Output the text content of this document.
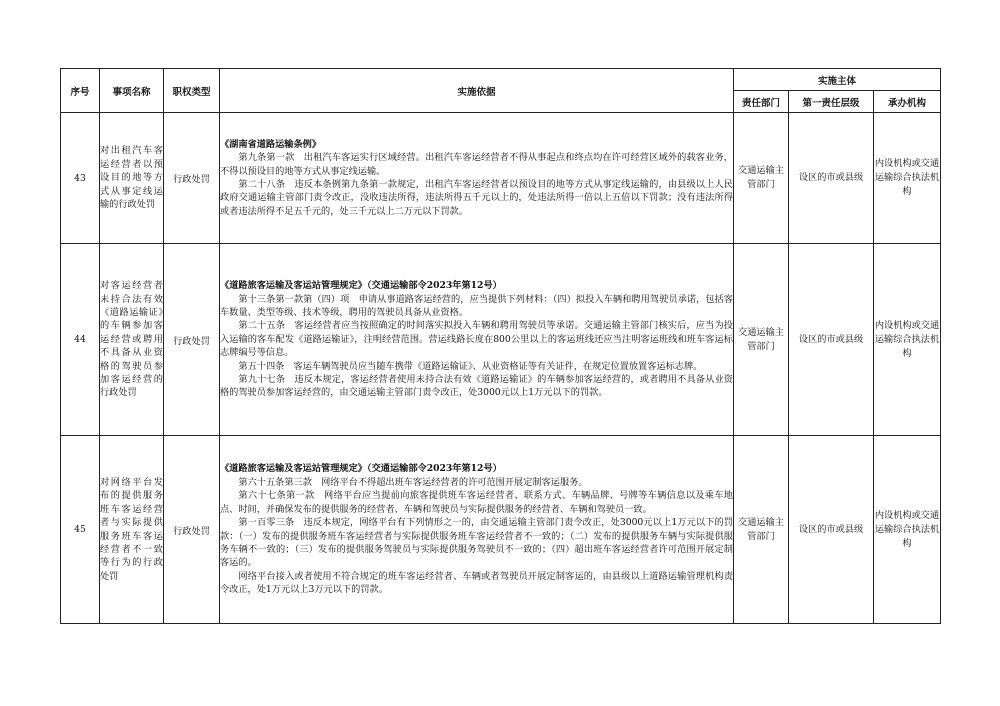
序号	事项名称	职权类型	实施依据	实施主体		
				责任部门	第一责任层级	承办机构
43	对出租汽车客运经营者以预设目的地等方式从事定线运输的行政处罚	行政处罚	《湖南省道路运输条例》
第九条第一款　出租汽车客运实行区域经营。出租汽车客运经营者不得从事起点和终点均在许可经营区域外的载客业务，不得以预设目的地等方式从事定线运输。
第二十八条　违反本条例第九条第一款规定，出租汽车客运经营者以预设目的地等方式从事定线运输的，由县级以上人民政府交通运输主管部门责令改正，没收违法所得，违法所得五千元以上的，处违法所得一倍以上五倍以下罚款；没有违法所得或者违法所得不足五千元的，处三千元以上二万元以下罚款。	交通运输主管部门	设区的市或县级	内设机构或交通运输综合执法机构
44	对客运经营者未持合法有效《道路运输证》的车辆参加客运经营或聘用不具备从业资格的驾驶员参加客运经营的行政处罚	行政处罚	《道路旅客运输及客运站管理规定》（交通运输部令2023年第12号）
第十三条第一款第（四）项　申请从事道路客运经营的，应当提供下列材料：（四）拟投入车辆和聘用驾驶员承诺，包括客车数量、类型等级、技术等级，聘用的驾驶员具备从业资格。
第二十五条　客运经营者应当按照确定的时间落实拟投入车辆和聘用驾驶员等承诺。交通运输主管部门核实后，应当为投入运输的客车配发《道路运输证》，注明经营范围。营运线路长度在800公里以上的客运班线还应当注明客运班线和班车客运标志牌编号等信息。
第五十四条　客运车辆驾驶员应当随车携带《道路运输证》、从业资格证等有关证件，在规定位置放置客运标志牌。
第九十七条　违反本规定，客运经营者使用未持合法有效《道路运输证》的车辆参加客运经营的，或者聘用不具备从业资格的驾驶员参加客运经营的，由交通运输主管部门责令改正，处3000元以上1万元以下的罚款。	交通运输主管部门	设区的市或县级	内设机构或交通运输综合执法机构
45	对网络平台发布的提供服务班车客运经营者与实际提供服务班车客运经营者不一致等行为的行政处罚	行政处罚	《道路旅客运输及客运站管理规定》（交通运输部令2023年第12号）
第六十五条第三款　网络平台不得超出班车客运经营者的许可范围开展定制客运服务。
第六十七条第一款　网络平台应当提前向旅客提供班车客运经营者、联系方式、车辆品牌、号牌等车辆信息以及乘车地点、时间，并确保发布的提供服务的经营者、车辆和驾驶员与实际提供服务的经营者、车辆和驾驶员一致。
第一百零三条　违反本规定，网络平台有下列情形之一的，由交通运输主管部门责令改正，处3000元以上1万元以下的罚款：（一）发布的提供服务班车客运经营者与实际提供服务班车客运经营者不一致的；（二）发布的提供服务车辆与实际提供服务车辆不一致的；（三）发布的提供服务驾驶员与实际提供服务驾驶员不一致的；（四）超出班车客运经营者许可范围开展定制客运的。
网络平台接入或者使用不符合规定的班车客运经营者、车辆或者驾驶员开展定制客运的，由县级以上道路运输管理机构责令改正，处1万元以上3万元以下的罚款。	交通运输主管部门	设区的市或县级	内设机构或交通运输综合执法机构
